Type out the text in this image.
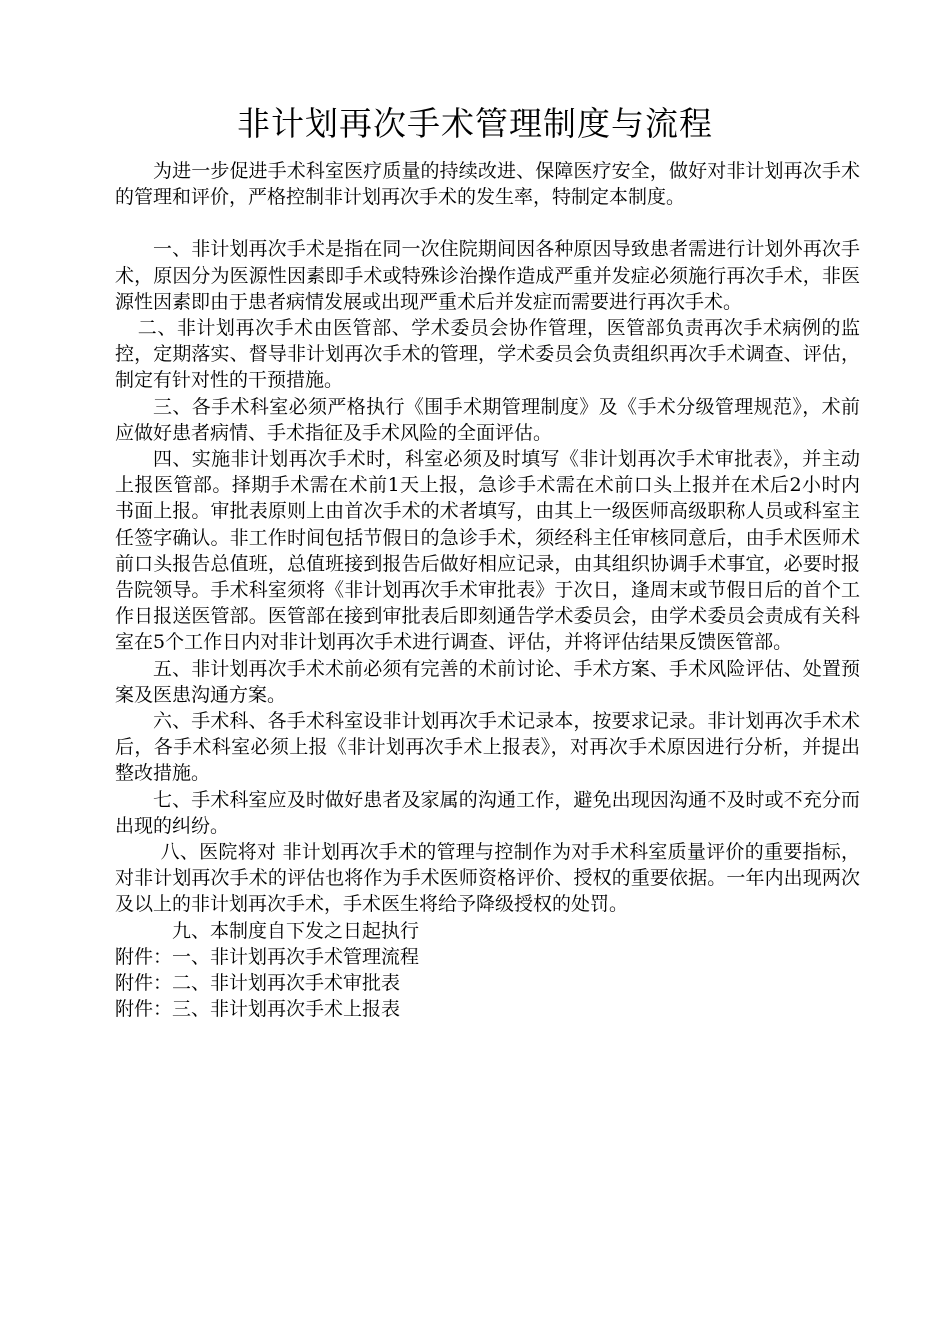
非计划再次手术管理制度与流程

为进一步促进手术科室医疗质量的持续改进、保障医疗安全，做好对非计划再次手术的管理和评价，严格控制非计划再次手术的发生率，特制定本制度。

一、非计划再次手术是指在同一次住院期间因各种原因导致患者需进行计划外再次手术，原因分为医源性因素即手术或特殊诊治操作造成严重并发症必须施行再次手术，非医源性因素即由于患者病情发展或出现严重术后并发症而需要进行再次手术。

二、非计划再次手术由医管部、学术委员会协作管理，医管部负责再次手术病例的监控，定期落实、督导非计划再次手术的管理，学术委员会负责组织再次手术调查、评估，制定有针对性的干预措施。

三、各手术科室必须严格执行《围手术期管理制度》及《手术分级管理规范》，术前应做好患者病情、手术指征及手术风险的全面评估。

四、实施非计划再次手术时，科室必须及时填写《非计划再次手术审批表》，并主动上报医管部。择期手术需在术前1天上报，急诊手术需在术前口头上报并在术后2小时内书面上报。审批表原则上由首次手术的术者填写，由其上一级医师高级职称人员或科室主任签字确认。非工作时间包括节假日的急诊手术，须经科主任审核同意后，由手术医师术前口头报告总值班，总值班接到报告后做好相应记录，由其组织协调手术事宜，必要时报告院领导。手术科室须将《非计划再次手术审批表》于次日，逢周末或节假日后的首个工作日报送医管部。医管部在接到审批表后即刻通告学术委员会，由学术委员会责成有关科室在5个工作日内对非计划再次手术进行调查、评估，并将评估结果反馈医管部。

五、非计划再次手术术前必须有完善的术前讨论、手术方案、手术风险评估、处置预案及医患沟通方案。

六、手术科、各手术科室设非计划再次手术记录本，按要求记录。非计划再次手术术后，各手术科室必须上报《非计划再次手术上报表》，对再次手术原因进行分析，并提出整改措施。

七、手术科室应及时做好患者及家属的沟通工作，避免出现因沟通不及时或不充分而出现的纠纷。

八、医院将对 非计划再次手术的管理与控制作为对手术科室质量评价的重要指标，对非计划再次手术的评估也将作为手术医师资格评价、授权的重要依据。一年内出现两次及以上的非计划再次手术，手术医生将给予降级授权的处罚。

九、本制度自下发之日起执行

附件：一、非计划再次手术管理流程

附件：二、非计划再次手术审批表

附件：三、非计划再次手术上报表
